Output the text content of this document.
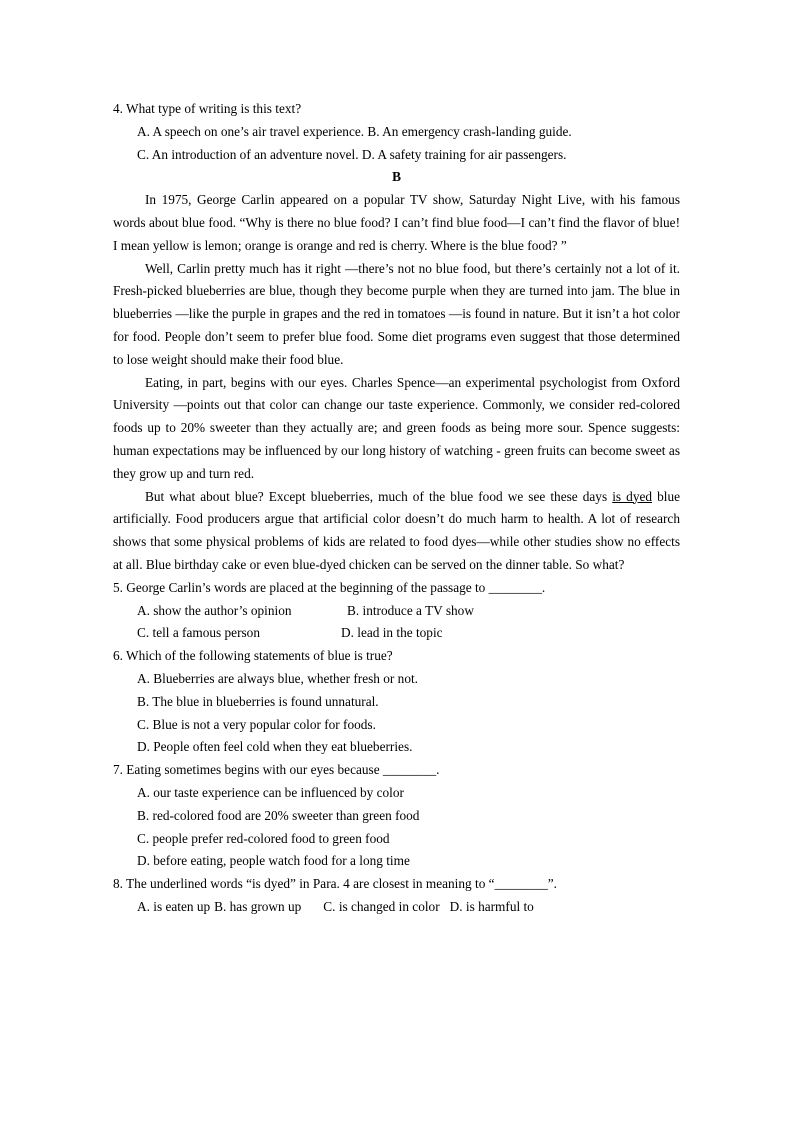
4. What type of writing is this text?
A. A speech on one’s air travel experience. B. An emergency crash-landing guide.
C. An introduction of an adventure novel. D. A safety training for air passengers.
B

In 1975, George Carlin appeared on a popular TV show, Saturday Night Live, with his famous words about blue food. “Why is there no blue food? I can’t find blue food—I can’t find the flavor of blue! I mean yellow is lemon; orange is orange and red is cherry. Where is the blue food? ”

Well, Carlin pretty much has it right —there’s not no blue food, but there’s certainly not a lot of it. Fresh-picked blueberries are blue, though they become purple when they are turned into jam. The blue in blueberries —like the purple in grapes and the red in tomatoes —is found in nature. But it isn’t a hot color for food. People don’t seem to prefer blue food. Some diet programs even suggest that those determined to lose weight should make their food blue.

Eating, in part, begins with our eyes. Charles Spence—an experimental psychologist from Oxford University —points out that color can change our taste experience. Commonly, we consider red-colored foods up to 20% sweeter than they actually are; and green foods as being more sour. Spence suggests: human expectations may be influenced by our long history of watching - green fruits can become sweet as they grow up and turn red.

But what about blue? Except blueberries, much of the blue food we see these days is dyed blue artificially. Food producers argue that artificial color doesn’t do much harm to health. A lot of research shows that some physical problems of kids are related to food dyes—while other studies show no effects at all. Blue birthday cake or even blue-dyed chicken can be served on the dinner table. So what?

5. George Carlin’s words are placed at the beginning of the passage to ________.
A. show the author’s opinion	B. introduce a TV show
C. tell a famous person	D. lead in the topic
6. Which of the following statements of blue is true?
A. Blueberries are always blue, whether fresh or not.
B. The blue in blueberries is found unnatural.
C. Blue is not a very popular color for foods.
D. People often feel cold when they eat blueberries.
7. Eating sometimes begins with our eyes because ________.
A. our taste experience can be influenced by color
B. red-colored food are 20% sweeter than green food
C. people prefer red-colored food to green food
D. before eating, people watch food for a long time
8. The underlined words “is dyed” in Para. 4 are closest in meaning to “________”.
A. is eaten up B. has grown up C. is changed in color D. is harmful to
